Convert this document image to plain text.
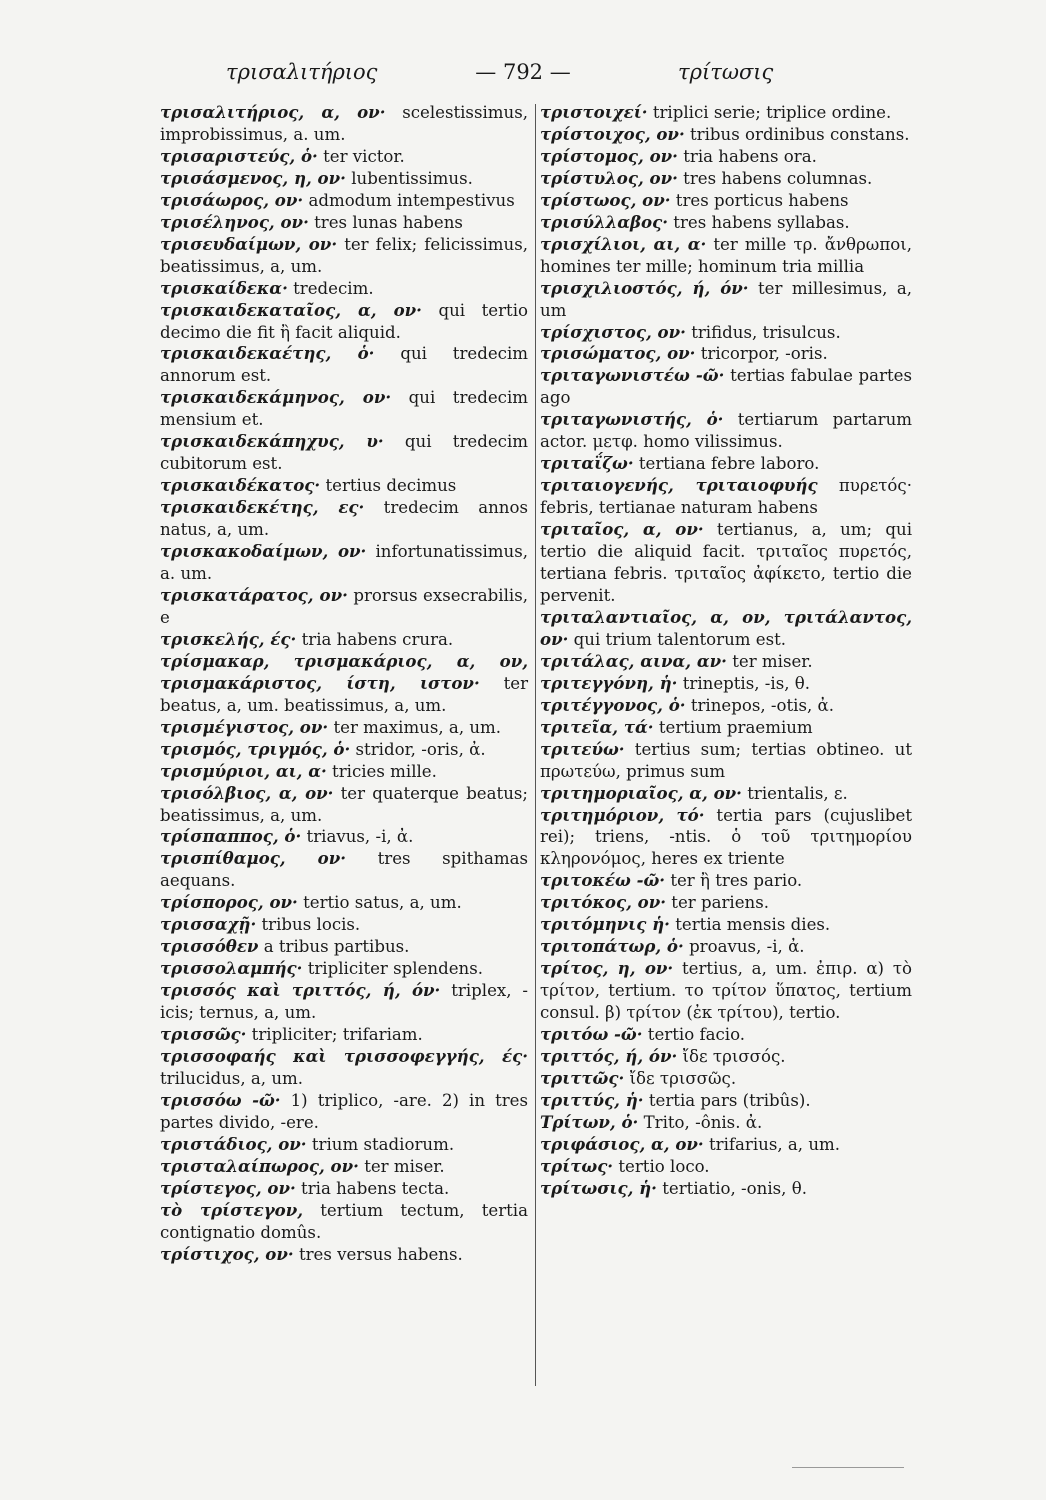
τρισαλιτήριος	— 792 —	τρίτωσις
τρισαλιτήριος, α, ον· scelestissimus, improbissimus, a. um.
τρισαριστεύς, ὁ· ter victor.
τρισάσμενος, η, ον· lubentissimus.
τρισάωρος, ον· admodum intempestivus
τρισέληνος, ον· tres lunas habens
τρισευδαίμων, ον· ter felix; felicissimus, beatissimus, a, um.
τρισκαίδεκα· tredecim.
τρισκαιδεκαταῖος, α, ον· qui tertio decimo die fit ἢ facit aliquid.
τρισκαιδεκαέτης, ὁ· qui tredecim annorum est.
τρισκαιδεκάμηνος, ον· qui tredecim mensium et.
τρισκαιδεκάπηχυς, υ· qui tredecim cubitorum est.
τρισκαιδέκατος· tertius decimus
τρισκαιδεκέτης, ες· tredecim annos natus, a, um.
τρισκακοδαίμων, ον· infortunatissimus, a. um.
τρισκατάρατος, ον· prorsus exsecrabilis, e
τρισκελής, ές· tria habens crura.
τρίσμακαρ, τρισμακάριος, α, ον, τρισμακάριστος, ίστη, ιστον· ter beatus, a, um. beatissimus, a, um.
τρισμέγιστος, ον· ter maximus, a, um.
τρισμός, τριγμός, ὁ· stridor, -oris, ἀ.
τρισμύριοι, αι, α· tricies mille.
τρισόλβιος, α, ον· ter quaterque beatus; beatissimus, a, um.
τρίσπαππος, ὁ· triavus, -i, ἀ.
τρισπίθαμος, ον· tres spithamas aequans.
τρίσπορος, ον· tertio satus, a, um.
τρισσαχῇ· tribus locis.
τρισσόθεν a tribus partibus.
τρισσολαμπής· tripliciter splendens.
τρισσός καὶ τριττός, ή, όν· triplex, -icis; ternus, a, um.
τρισσῶς· tripliciter; trifariam.
τρισσοφαής καὶ τρισσοφεγγής, ές· trilucidus, a, um.
τρισσόω -ῶ· 1) triplico, -are. 2) in tres partes divido, -ere.
τριστάδιος, ον· trium stadiorum.
τρισταλαίπωρος, ον· ter miser.
τρίστεγος, ον· tria habens tecta.
τὸ τρίστεγον, tertium tectum, tertia contignatio domûs.
τρίστιχος, ον· tres versus habens.
τριστοιχεί· triplici serie; triplice ordine.
τρίστοιχος, ον· tribus ordinibus constans.
τρίστομος, ον· tria habens ora.
τρίστυλος, ον· tres habens columnas.
τρίστωος, ον· tres porticus habens
τρισύλλαβος· tres habens syllabas.
τρισχίλιοι, αι, α· ter mille τρ. ἄνθρωποι, homines ter mille; hominum tria millia
τρισχιλιοστός, ή, όν· ter millesimus, a, um
τρίσχιστος, ον· trifidus, trisulcus.
τρισώματος, ον· tricorpor, -oris.
τριταγωνιστέω -ῶ· tertias fabulae partes ago
τριταγωνιστής, ὁ· tertiarum partarum actor. μετφ. homo vilissimus.
τριταΐζω· tertiana febre laboro.
τριταιογενής, τριταιοφυής πυρετός· febris, tertianae naturam habens
τριταῖος, α, ον· tertianus, a, um; qui tertio die aliquid facit. τριταῖος πυρετός, tertiana febris. τριταῖος ἀφίκετο, tertio die pervenit.
τριταλαντιαῖος, α, ον, τριτάλαντος, ον· qui trium talentorum est.
τριτάλας, αινα, αν· ter miser.
τριτεγγόνη, ἡ· trineptis, -is, θ.
τριτέγγονος, ὁ· trinepos, -otis, ἀ.
τριτεῖα, τά· tertium praemium
τριτεύω· tertius sum; tertias obtineo. ut πρωτεύω, primus sum
τριτημοριαῖος, α, ον· trientalis, ε.
τριτημόριον, τό· tertia pars (cujuslibet rei); triens, -ntis. ὁ τοῦ τριτημορίου κληρονόμος, heres ex triente
τριτοκέω -ῶ· ter ἢ tres pario.
τριτόκος, ον· ter pariens.
τριτόμηνις ἡ· tertia mensis dies.
τριτοπάτωρ, ὁ· proavus, -i, ἀ.
τρίτος, η, ον· tertius, a, um. ἐπιρ. α) τὸ τρίτον, tertium. το τρίτον ὕπατος, tertium consul. β) τρίτον (ἐκ τρίτου), tertio.
τριτόω -ῶ· tertio facio.
τριττός, ή, όν· ἴδε τρισσός.
τριττῶς· ἴδε τρισσῶς.
τριττύς, ἡ· tertia pars (tribûs).
Τρίτων, ὁ· Trito, -ônis. ἀ.
τριφάσιος, α, ον· trifarius, a, um.
τρίτως· tertio loco.
τρίτωσις, ἡ· tertiatio, -onis, θ.
